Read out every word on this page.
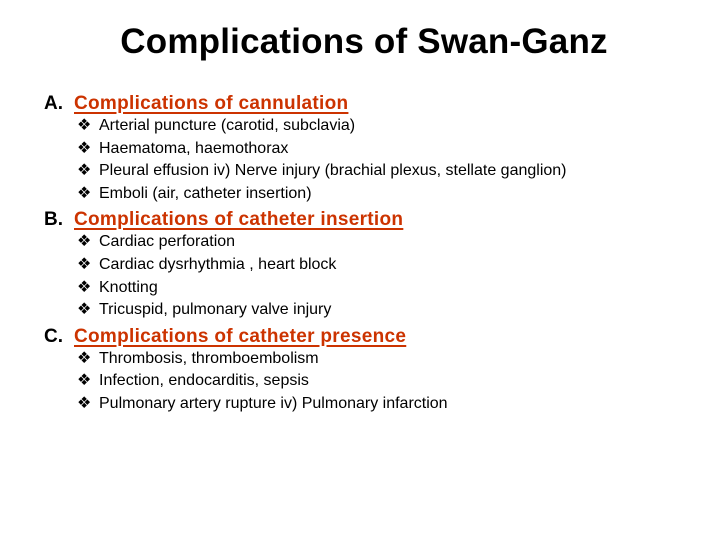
Complications of Swan-Ganz
A. Complications of cannulation
❖ Arterial puncture (carotid, subclavia)
❖ Haematoma, haemothorax
❖ Pleural effusion iv) Nerve injury (brachial plexus, stellate ganglion)
❖ Emboli (air, catheter insertion)
B. Complications of catheter insertion
❖ Cardiac perforation
❖ Cardiac dysrhythmia , heart block
❖ Knotting
❖ Tricuspid, pulmonary valve injury
C. Complications of catheter presence
❖ Thrombosis, thromboembolism
❖ Infection, endocarditis, sepsis
❖ Pulmonary artery rupture iv) Pulmonary infarction
